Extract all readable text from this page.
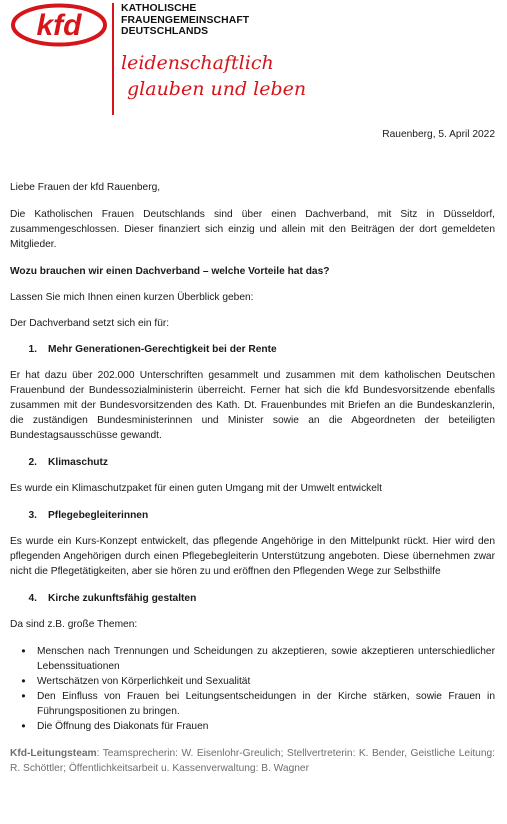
kfd
KATHOLISCHE
FRAUENGEMEINSCHAFT
DEUTSCHLANDS
leidenschaftlich
glauben und leben

Rauenberg, 5. April 2022

Liebe Frauen der kfd Rauenberg,

Die Katholischen Frauen Deutschlands sind über einen Dachverband, mit Sitz in Düsseldorf, zusammengeschlossen. Dieser finanziert sich einzig und allein mit den Beiträgen der dort gemeldeten Mitglieder.

Wozu brauchen wir einen Dachverband – welche Vorteile hat das?

Lassen Sie mich Ihnen einen kurzen Überblick geben:

Der Dachverband setzt sich ein für:

1.	Mehr Generationen-Gerechtigkeit bei der Rente

Er hat dazu über 202.000 Unterschriften gesammelt und zusammen mit dem katholischen Deutschen Frauenbund der Bundessozialministerin überreicht. Ferner hat sich die kfd Bundesvorsitzende ebenfalls zusammen mit der Bundesvorsitzenden des Kath. Dt. Frauenbundes mit Briefen an die Bundeskanzlerin, die zuständigen Bundesministerinnen und Minister sowie an die Abgeordneten der beteiligten Bundestagsausschüsse gewandt.

2.	Klimaschutz

Es wurde ein Klimaschutzpaket für einen guten Umgang mit der Umwelt entwickelt

3.	Pflegebegleiterinnen

Es wurde ein Kurs-Konzept entwickelt, das pflegende Angehörige in den Mittelpunkt rückt. Hier wird den pflegenden Angehörigen durch einen Pflegebegleiterin Unterstützung angeboten. Diese übernehmen zwar nicht die Pflegetätigkeiten, aber sie hören zu und eröffnen den Pflegenden Wege zur Selbsthilfe

4.	Kirche zukunftsfähig gestalten

Da sind z.B. große Themen:

•	Menschen nach Trennungen und Scheidungen zu akzeptieren, sowie akzeptieren unterschiedlicher Lebenssituationen
•	Wertschätzen von Körperlichkeit und Sexualität
•	Den Einfluss von Frauen bei Leitungsentscheidungen in der Kirche stärken, sowie Frauen in Führungspositionen zu bringen.
•	Die Öffnung des Diakonats für Frauen

Kfd-Leitungsteam: Teamsprecherin: W. Eisenlohr-Greulich; Stellvertreterin: K. Bender, Geistliche Leitung: R. Schöttler; Öffentlichkeitsarbeit u. Kassenverwaltung: B. Wagner
